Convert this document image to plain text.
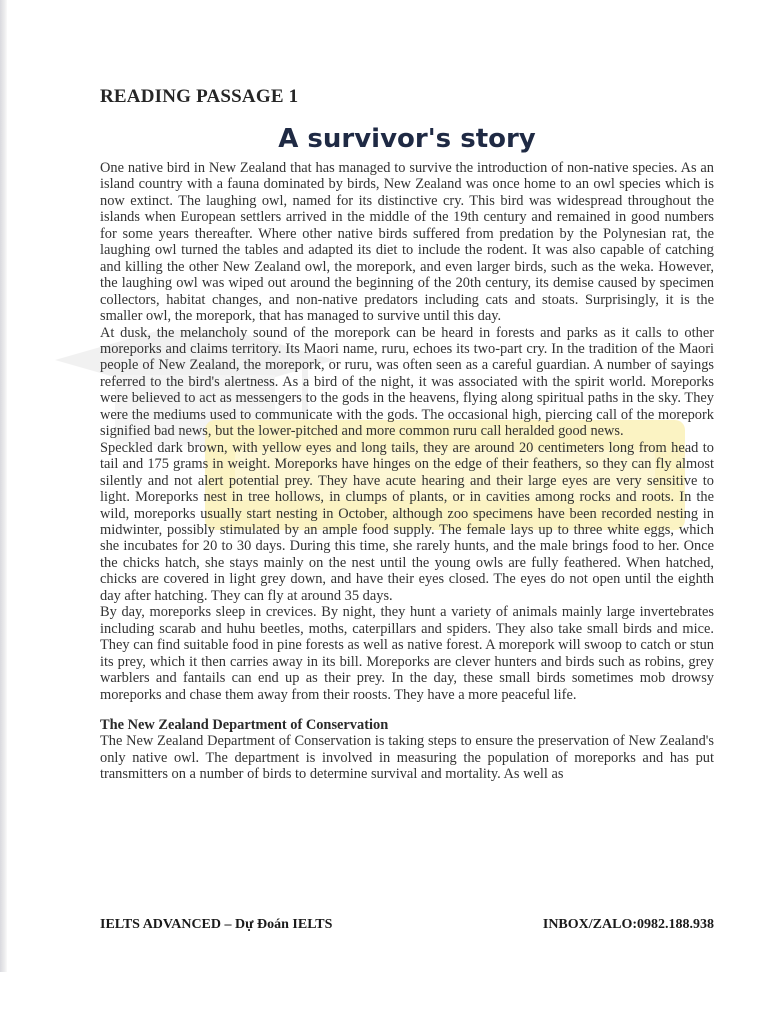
READING PASSAGE 1
A survivor's story

One native bird in New Zealand that has managed to survive the introduction of non-native species. As an island country with a fauna dominated by birds, New Zealand was once home to an owl species which is now extinct. The laughing owl, named for its distinctive cry. This bird was widespread throughout the islands when European settlers arrived in the middle of the 19th century and remained in good numbers for some years thereafter. Where other native birds suffered from predation by the Polynesian rat, the laughing owl turned the tables and adapted its diet to include the rodent. It was also capable of catching and killing the other New Zealand owl, the morepork, and even larger birds, such as the weka. However, the laughing owl was wiped out around the beginning of the 20th century, its demise caused by specimen collectors, habitat changes, and non-native predators including cats and stoats. Surprisingly, it is the smaller owl, the morepork, that has managed to survive until this day.

At dusk, the melancholy sound of the morepork can be heard in forests and parks as it calls to other moreporks and claims territory. Its Maori name, ruru, echoes its two-part cry. In the tradition of the Maori people of New Zealand, the morepork, or ruru, was often seen as a careful guardian. A number of sayings referred to the bird's alertness. As a bird of the night, it was associated with the spirit world. Moreporks were believed to act as messengers to the gods in the heavens, flying along spiritual paths in the sky. They were the mediums used to communicate with the gods. The occasional high, piercing call of the morepork signified bad news, but the lower-pitched and more common ruru call heralded good news.

Speckled dark brown, with yellow eyes and long tails, they are around 20 centimeters long from head to tail and 175 grams in weight. Moreporks have hinges on the edge of their feathers, so they can fly almost silently and not alert potential prey. They have acute hearing and their large eyes are very sensitive to light. Moreporks nest in tree hollows, in clumps of plants, or in cavities among rocks and roots. In the wild, moreporks usually start nesting in October, although zoo specimens have been recorded nesting in midwinter, possibly stimulated by an ample food supply. The female lays up to three white eggs, which she incubates for 20 to 30 days. During this time, she rarely hunts, and the male brings food to her. Once the chicks hatch, she stays mainly on the nest until the young owls are fully feathered. When hatched, chicks are covered in light grey down, and have their eyes closed. The eyes do not open until the eighth day after hatching. They can fly at around 35 days.

By day, moreporks sleep in crevices. By night, they hunt a variety of animals mainly large invertebrates including scarab and huhu beetles, moths, caterpillars and spiders. They also take small birds and mice. They can find suitable food in pine forests as well as native forest. A morepork will swoop to catch or stun its prey, which it then carries away in its bill. Moreporks are clever hunters and birds such as robins, grey warblers and fantails can end up as their prey. In the day, these small birds sometimes mob drowsy moreporks and chase them away from their roosts. They have a more peaceful life.

The New Zealand Department of Conservation

The New Zealand Department of Conservation is taking steps to ensure the preservation of New Zealand's only native owl. The department is involved in measuring the population of moreporks and has put transmitters on a number of birds to determine survival and mortality. As well as

IELTS ADVANCED – Dự Đoán IELTS	INBOX/ZALO:0982.188.938
